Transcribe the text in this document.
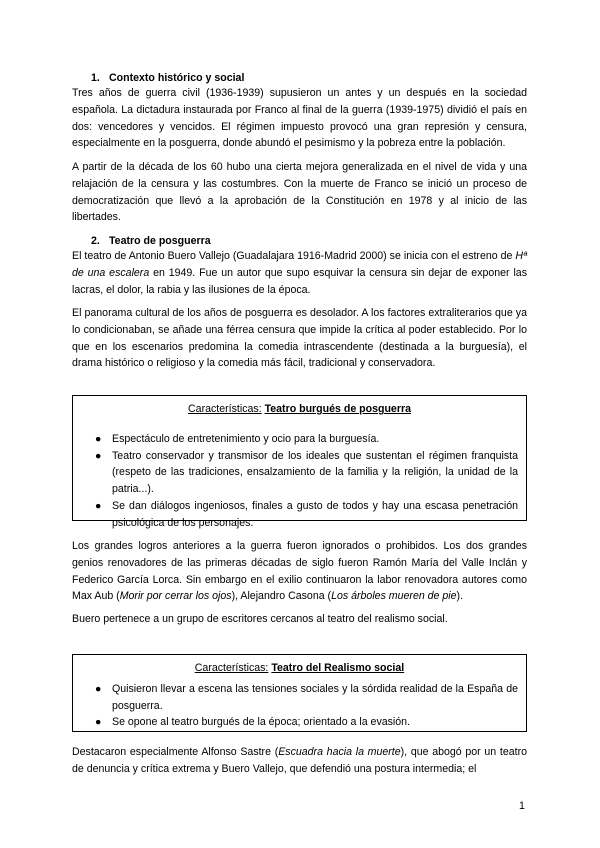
1. Contexto histórico y social

Tres años de guerra civil (1936-1939) supusieron un antes y un después en la sociedad española. La dictadura instaurada por Franco al final de la guerra (1939-1975) dividió el país en dos: vencedores y vencidos. El régimen impuesto provocó una gran represión y censura, especialmente en la posguerra, donde abundó el pesimismo y la pobreza entre la población.

A partir de la década de los 60 hubo una cierta mejora generalizada en el nivel de vida y una relajación de la censura y las costumbres. Con la muerte de Franco se inició un proceso de democratización que llevó a la aprobación de la Constitución en 1978 y al inicio de las libertades.

2. Teatro de posguerra

El teatro de Antonio Buero Vallejo (Guadalajara 1916-Madrid 2000) se inicia con el estreno de Hª de una escalera en 1949. Fue un autor que supo esquivar la censura sin dejar de exponer las lacras, el dolor, la rabia y las ilusiones de la época.

El panorama cultural de los años de posguerra es desolador. A los factores extraliterarios que ya lo condicionaban, se añade una férrea censura que impide la crítica al poder establecido. Por lo que en los escenarios predomina la comedia intrascendente (destinada a la burguesía), el drama histórico o religioso y la comedia más fácil, tradicional y conservadora.

Características: Teatro burgués de posguerra
● Espectáculo de entretenimiento y ocio para la burguesía.
● Teatro conservador y transmisor de los ideales que sustentan el régimen franquista (respeto de las tradiciones, ensalzamiento de la familia y la religión, la unidad de la patria...).
● Se dan diálogos ingeniosos, finales a gusto de todos y hay una escasa penetración psicológica de los personajes.

Los grandes logros anteriores a la guerra fueron ignorados o prohibidos. Los dos grandes genios renovadores de las primeras décadas de siglo fueron Ramón María del Valle Inclán y Federico García Lorca. Sin embargo en el exilio continuaron la labor renovadora autores como Max Aub (Morir por cerrar los ojos), Alejandro Casona (Los árboles mueren de pie).

Buero pertenece a un grupo de escritores cercanos al teatro del realismo social.

Características: Teatro del Realismo social
● Quisieron llevar a escena las tensiones sociales y la sórdida realidad de la España de posguerra.
● Se opone al teatro burgués de la época; orientado a la evasión.

Destacaron especialmente Alfonso Sastre (Escuadra hacia la muerte), que abogó por un teatro de denuncia y crítica extrema y Buero Vallejo, que defendió una postura intermedia; el

1
